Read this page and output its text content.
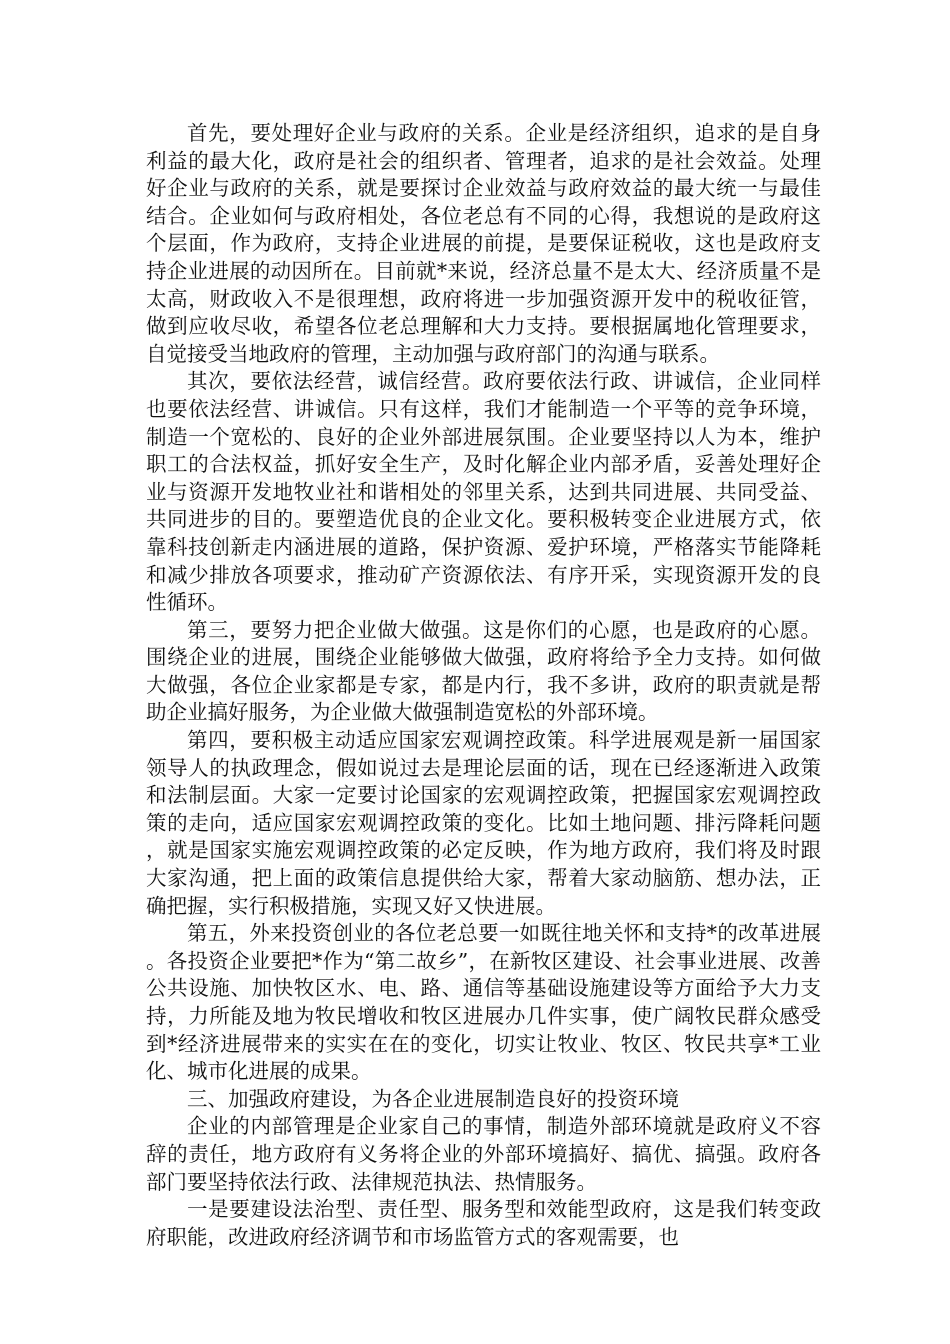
首先，要处理好企业与政府的关系。企业是经济组织，追求的是自身利益的最大化，政府是社会的组织者、管理者，追求的是社会效益。处理好企业与政府的关系，就是要探讨企业效益与政府效益的最大统一与最佳结合。企业如何与政府相处，各位老总有不同的心得，我想说的是政府这个层面，作为政府，支持企业进展的前提，是要保证税收，这也是政府支持企业进展的动因所在。目前就*来说，经济总量不是太大、经济质量不是太高，财政收入不是很理想，政府将进一步加强资源开发中的税收征管，做到应收尽收，希望各位老总理解和大力支持。要根据属地化管理要求，自觉接受当地政府的管理，主动加强与政府部门的沟通与联系。

其次，要依法经营，诚信经营。政府要依法行政、讲诚信，企业同样也要依法经营、讲诚信。只有这样，我们才能制造一个平等的竞争环境，制造一个宽松的、良好的企业外部进展氛围。企业要坚持以人为本，维护职工的合法权益，抓好安全生产，及时化解企业内部矛盾，妥善处理好企业与资源开发地牧业社和谐相处的邻里关系，达到共同进展、共同受益、共同进步的目的。要塑造优良的企业文化。要积极转变企业进展方式，依靠科技创新走内涵进展的道路，保护资源、爱护环境，严格落实节能降耗和减少排放各项要求，推动矿产资源依法、有序开采，实现资源开发的良性循环。

第三，要努力把企业做大做强。这是你们的心愿，也是政府的心愿。围绕企业的进展，围绕企业能够做大做强，政府将给予全力支持。如何做大做强，各位企业家都是专家，都是内行，我不多讲，政府的职责就是帮助企业搞好服务，为企业做大做强制造宽松的外部环境。

第四，要积极主动适应国家宏观调控政策。科学进展观是新一届国家领导人的执政理念，假如说过去是理论层面的话，现在已经逐渐进入政策和法制层面。大家一定要讨论国家的宏观调控政策，把握国家宏观调控政策的走向，适应国家宏观调控政策的变化。比如土地问题、排污降耗问题，就是国家实施宏观调控政策的必定反映，作为地方政府，我们将及时跟大家沟通，把上面的政策信息提供给大家，帮着大家动脑筋、想办法，正确把握，实行积极措施，实现又好又快进展。

第五，外来投资创业的各位老总要一如既往地关怀和支持*的改革进展。各投资企业要把*作为“第二故乡”，在新牧区建设、社会事业进展、改善公共设施、加快牧区水、电、路、通信等基础设施建设等方面给予大力支持，力所能及地为牧民增收和牧区进展办几件实事，使广阔牧民群众感受到*经济进展带来的实实在在的变化，切实让牧业、牧区、牧民共享*工业化、城市化进展的成果。

三、加强政府建设，为各企业进展制造良好的投资环境

企业的内部管理是企业家自己的事情，制造外部环境就是政府义不容辞的责任，地方政府有义务将企业的外部环境搞好、搞优、搞强。政府各部门要坚持依法行政、法律规范执法、热情服务。

一是要建设法治型、责任型、服务型和效能型政府，这是我们转变政府职能，改进政府经济调节和市场监管方式的客观需要，也
